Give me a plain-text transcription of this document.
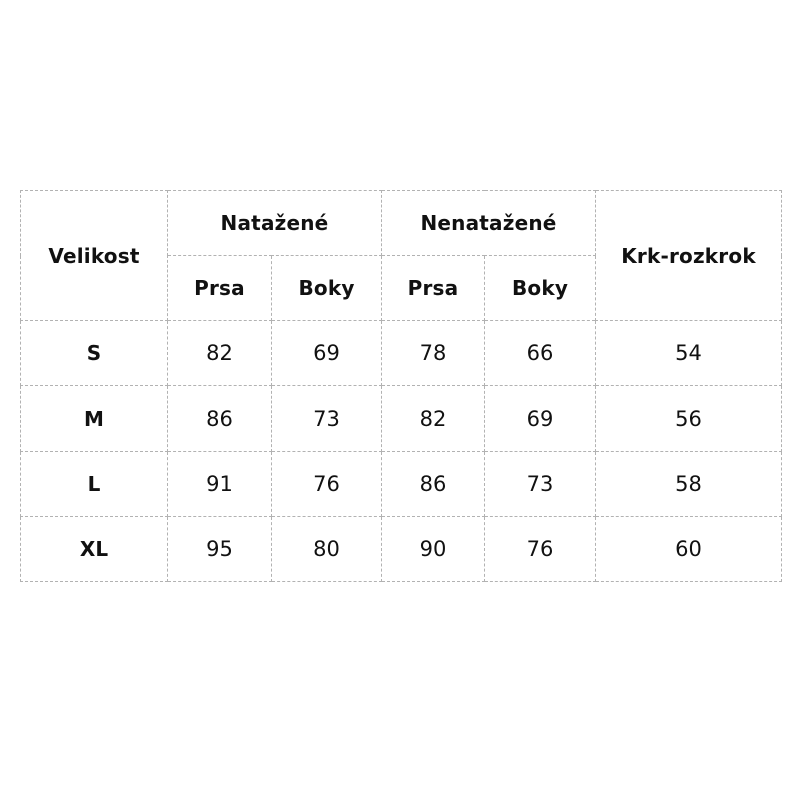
Velikost	Natažené		Nenatažené		Krk-rozkrok
	Prsa	Boky	Prsa	Boky	
S	82	69	78	66	54
M	86	73	82	69	56
L	91	76	86	73	58
XL	95	80	90	76	60
